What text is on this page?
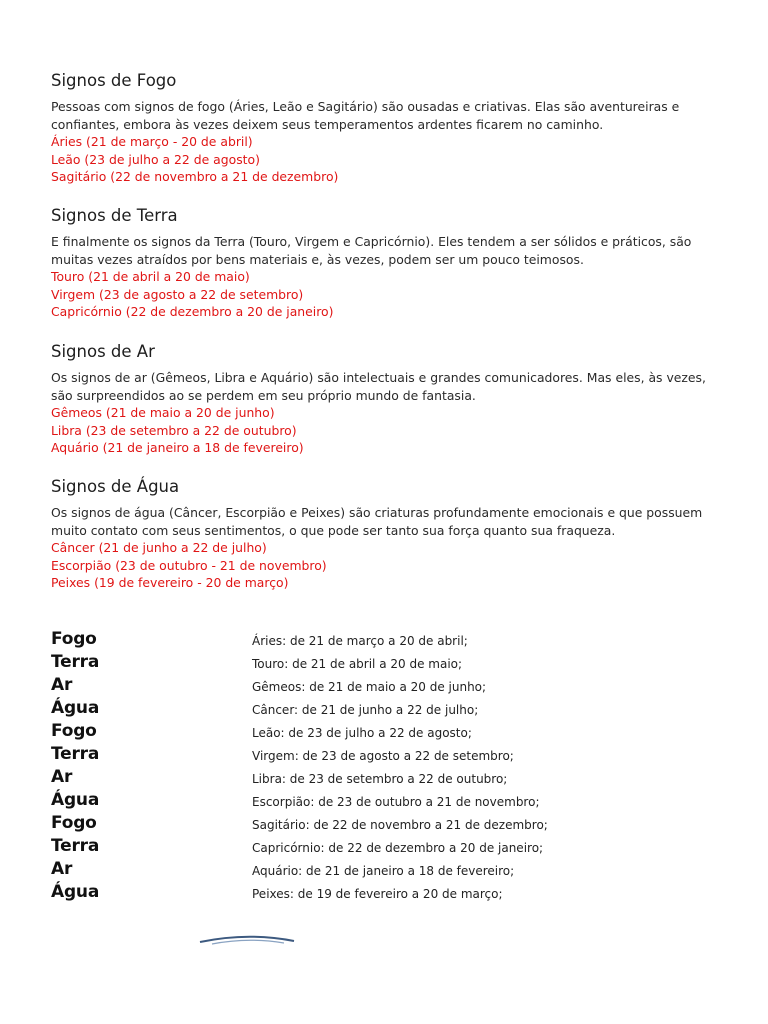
Signos de Fogo

Pessoas com signos de fogo (Áries, Leão e Sagitário) são ousadas e criativas. Elas são aventureiras e confiantes, embora às vezes deixem seus temperamentos ardentes ficarem no caminho.

Áries (21 de março - 20 de abril)
Leão (23 de julho a 22 de agosto)
Sagitário (22 de novembro a 21 de dezembro)
Signos de Terra

E finalmente os signos da Terra (Touro, Virgem e Capricórnio). Eles tendem a ser sólidos e práticos, são muitas vezes atraídos por bens materiais e, às vezes, podem ser um pouco teimosos.

Touro (21 de abril a 20 de maio)
Virgem (23 de agosto a 22 de setembro)
Capricórnio (22 de dezembro a 20 de janeiro)
Signos de Ar

Os signos de ar (Gêmeos, Libra e Aquário) são intelectuais e grandes comunicadores. Mas eles, às vezes, são surpreendidos ao se perdem em seu próprio mundo de fantasia.

Gêmeos (21 de maio a 20 de junho)
Libra (23 de setembro a 22 de outubro)
Aquário (21 de janeiro a 18 de fevereiro)
Signos de Água

Os signos de água (Câncer, Escorpião e Peixes) são criaturas profundamente emocionais e que possuem muito contato com seus sentimentos, o que pode ser tanto sua força quanto sua fraqueza.

Câncer (21 de junho a 22 de julho)
Escorpião (23 de outubro - 21 de novembro)
Peixes (19 de fevereiro - 20 de março)
Fogo	Áries: de 21 de março a 20 de abril;
Terra	Touro: de 21 de abril a 20 de maio;
Ar	Gêmeos: de 21 de maio a 20 de junho;
Água	Câncer: de 21 de junho a 22 de julho;
Fogo	Leão: de 23 de julho a 22 de agosto;
Terra	Virgem: de 23 de agosto a 22 de setembro;
Ar	Libra: de 23 de setembro a 22 de outubro;
Água	Escorpião: de 23 de outubro a 21 de novembro;
Fogo	Sagitário: de 22 de novembro a 21 de dezembro;
Terra	Capricórnio: de 22 de dezembro a 20 de janeiro;
Ar	Aquário: de 21 de janeiro a 18 de fevereiro;
Água	Peixes: de 19 de fevereiro a 20 de março;
